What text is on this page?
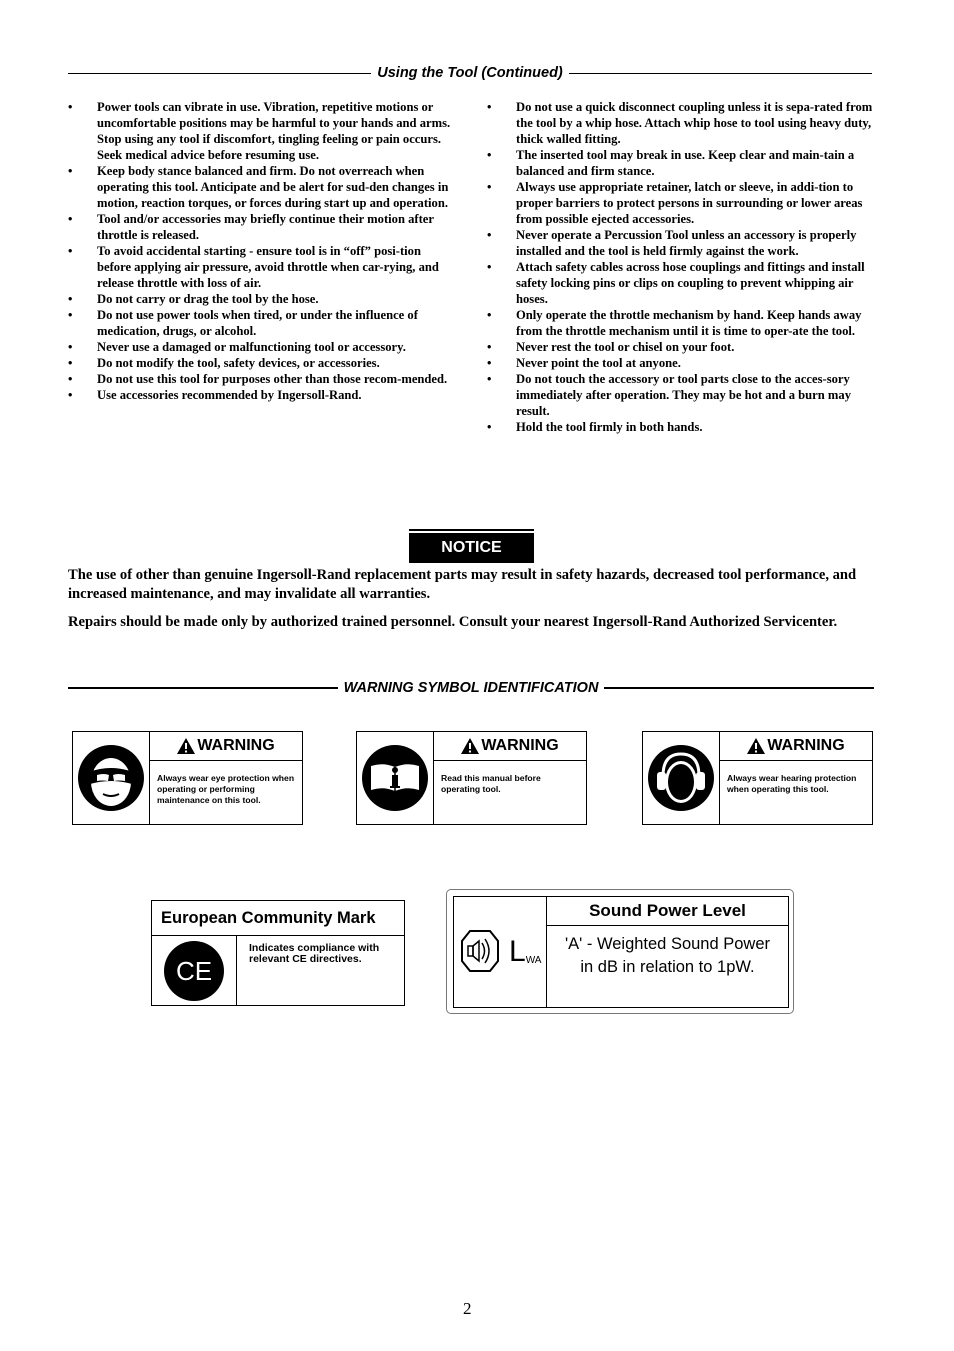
Using the Tool (Continued)
• Power tools can vibrate in use. Vibration, repetitive motions or uncomfortable positions may be harmful to your hands and arms. Stop using any tool if discomfort, tingling feeling or pain occurs. Seek medical advice before resuming use.
• Keep body stance balanced and firm. Do not overreach when operating this tool. Anticipate and be alert for sud-den changes in motion, reaction torques, or forces during start up and operation.
• Tool and/or accessories may briefly continue their motion after throttle is released.
• To avoid accidental starting - ensure tool is in “off” posi-tion before applying air pressure, avoid throttle when car-rying, and release throttle with loss of air.
• Do not carry or drag the tool by the hose.
• Do not use power tools when tired, or under the influence of medication, drugs, or alcohol.
• Never use a damaged or malfunctioning tool or accessory.
• Do not modify the tool, safety devices, or accessories.
• Do not use this tool for purposes other than those recom-mended.
• Use accessories recommended by Ingersoll-Rand.
• Do not use a quick disconnect coupling unless it is sepa-rated from the tool by a whip hose. Attach whip hose to tool using heavy duty, thick walled fitting.
• The inserted tool may break in use. Keep clear and main-tain a balanced and firm stance.
• Always use appropriate retainer, latch or sleeve, in addi-tion to proper barriers to protect persons in surrounding or lower areas from possible ejected accessories.
• Never operate a Percussion Tool unless an accessory is properly installed and the tool is held firmly against the work.
• Attach safety cables across hose couplings and fittings and install safety locking pins or clips on coupling to prevent whipping air hoses.
• Only operate the throttle mechanism by hand. Keep hands away from the throttle mechanism until it is time to oper-ate the tool.
• Never rest the tool or chisel on your foot.
• Never point the tool at anyone.
• Do not touch the accessory or tool parts close to the acces-sory immediately after operation. They may be hot and a burn may result.
• Hold the tool firmly in both hands.
NOTICE

The use of other than genuine Ingersoll-Rand replacement parts may result in safety hazards, decreased tool performance, and increased maintenance, and may invalidate all warranties.

Repairs should be made only by authorized trained personnel. Consult your nearest Ingersoll-Rand Authorized Servicenter.

WARNING SYMBOL IDENTIFICATION
WARNING
Always wear eye protection when operating or performing maintenance on this tool.
WARNING
Read this manual before operating tool.
WARNING
Always wear hearing protection when operating this tool.
European Community Mark
CE
Indicates compliance with relevant CE directives.	$L_{WA}$
Sound Power Level
'A' - Weighted Sound Power
in dB in relation to 1pW.
2
